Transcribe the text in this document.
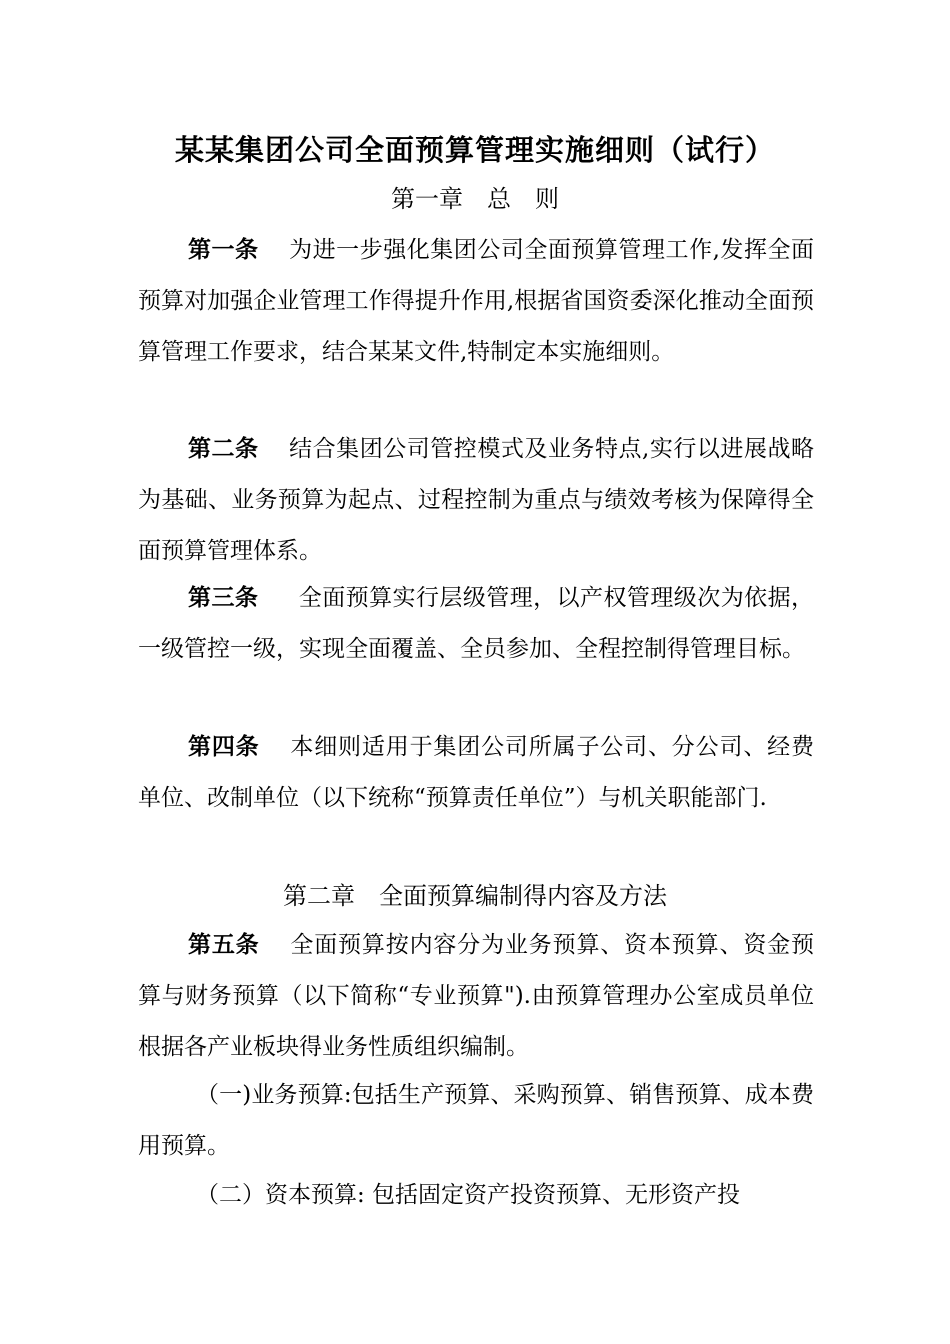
某某集团公司全面预算管理实施细则（试行）
第一章　总　则

第一条 为进一步强化集团公司全面预算管理工作,发挥全面预算对加强企业管理工作得提升作用,根据省国资委深化推动全面预算管理工作要求，结合某某文件,特制定本实施细则。

第二条 结合集团公司管控模式及业务特点,实行以进展战略为基础、业务预算为起点、过程控制为重点与绩效考核为保障得全面预算管理体系。

第三条 全面预算实行层级管理，以产权管理级次为依据，一级管控一级，实现全面覆盖、全员参加、全程控制得管理目标。

第四条 本细则适用于集团公司所属子公司、分公司、经费单位、改制单位（以下统称“预算责任单位”）与机关职能部门.

第二章　全面预算编制得内容及方法

第五条 全面预算按内容分为业务预算、资本预算、资金预算与财务预算（以下简称“专业预算").由预算管理办公室成员单位根据各产业板块得业务性质组织编制。

（一)业务预算:包括生产预算、采购预算、销售预算、成本费用预算。

（二）资本预算: 包括固定资产投资预算、无形资产投
